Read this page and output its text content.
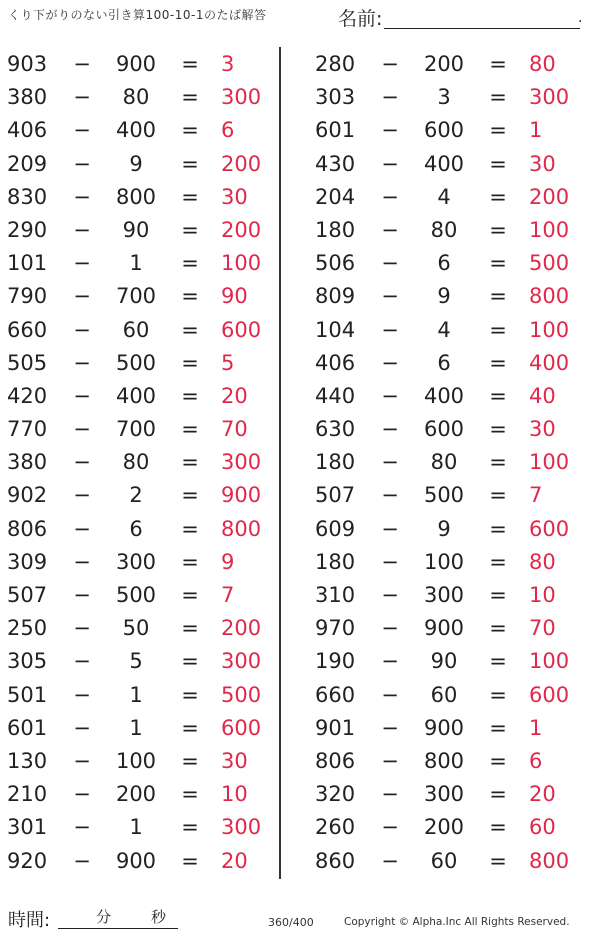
くり下がりのない引き算100-10-1のたば解答	名前:	.
903 −	900	= 3
380 −	80	= 300
406 −	400	= 6
209 −	9	= 200
830 −	800	= 30
290 −	90	= 200
101 −	1	= 100
790 −	700	= 90
660 −	60	= 600
505 −	500	= 5
420 −	400	= 20
770 −	700	= 70
380 −	80	= 300
902 −	2	= 900
806 −	6	= 800
309 −	300	= 9
507 −	500	= 7
250 −	50	= 200
305 −	5	= 300
501 −	1	= 500
601 −	1	= 600
130 −	100	= 30
210 −	200	= 10
301 −	1	= 300
920 −	900	= 20
280 −	200	= 80
303 −	3	= 300
601 −	600	= 1
430 −	400	= 30
204 −	4	= 200
180 −	80	= 100
506 −	6	= 500
809 −	9	= 800
104 −	4	= 100
406 −	6	= 400
440 −	400	= 40
630 −	600	= 30
180 −	80	= 100
507 −	500	= 7
609 −	9	= 600
180 −	100	= 80
310 −	300	= 10
970 −	900	= 70
190 −	90	= 100
660 −	60	= 600
901 −	900	= 1
806 −	800	= 6
320 −	300	= 20
260 −	200	= 60
860 −	60	= 800
時間:	分	秒	360/400	Copyright © Alpha.Inc All Rights Reserved.
